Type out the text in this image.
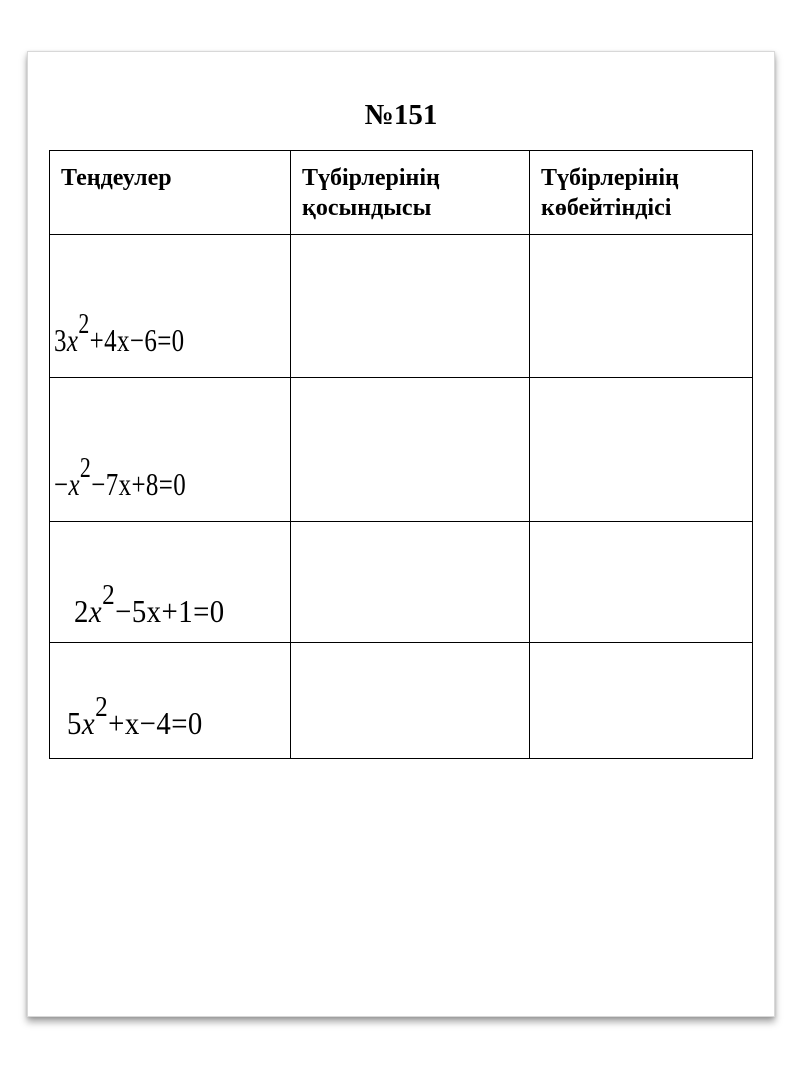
№151
Теңдеулер	Түбірлерінің қосындысы	Түбірлерінің көбейтіндісі

$3x^2+4x-6=0$		

$-x^2-7x+8=0$		

$2x^2-5x+1=0$		

$5x^2+x-4=0$		
